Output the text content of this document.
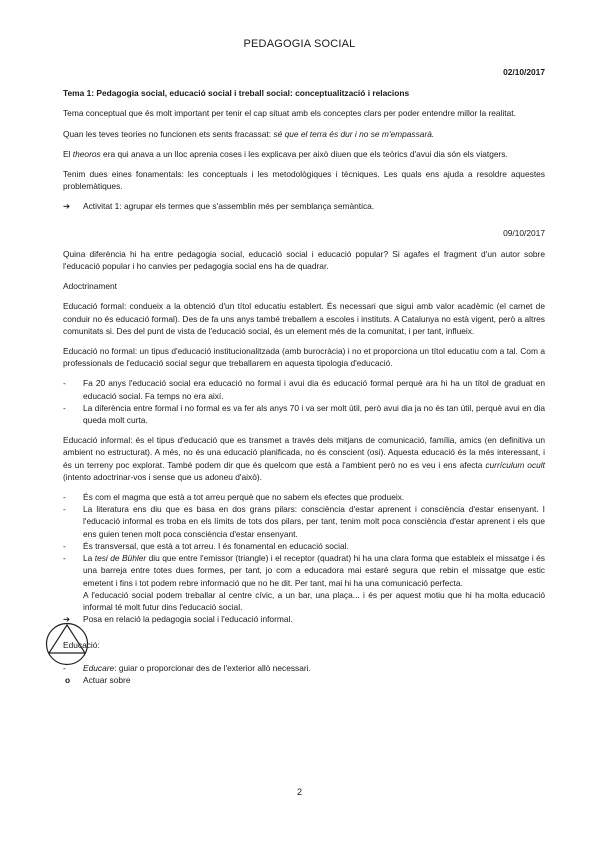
PEDAGOGIA SOCIAL
02/10/2017

Tema 1: Pedagogia social, educació social i treball social: conceptualització i relacions

Tema conceptual que és molt important per tenir el cap situat amb els conceptes clars per poder entendre millor la realitat.

Quan les teves teories no funcionen ets sents fracassat: sé que el terra és dur i no se m'empassarà.

El theoros era qui anava a un lloc aprenia coses i les explicava per això diuen que els teòrics d'avui dia són els viatgers.

Tenim dues eines fonamentals: les conceptuals i les metodològiques i tècniques. Les quals ens ajuda a resoldre aquestes problemàtiques.

➔ Activitat 1: agrupar els termes que s'assemblin més per semblança semàntica.
09/10/2017

Quina diferència hi ha entre pedagogia social, educació social i educació popular? Si agafes el fragment d'un autor sobre l'educació popular i ho canvies per pedagogia social ens ha de quadrar.

Adoctrinament

Educació formal: condueix a la obtenció d'un títol educatiu establert. És necessari que sigui amb valor acadèmic (el carnet de conduir no és educació formal). Des de fa uns anys també treballem a escoles i instituts. A Catalunya no està vigent, però a altres comunitats si. Des del punt de vista de l'educació social, és un element més de la comunitat, i per tant, influeix.

Educació no formal: un tipus d'educació institucionalitzada (amb burocràcia) i no et proporciona un títol educatiu com a tal. Com a professionals de l'educació social segur que treballarem en aquesta tipologia d'educació.

- Fa 20 anys l'educació social era educació no formal i avui dia és educació formal perquè ara hi ha un títol de graduat en educació social. Fa temps no era així.
- La diferència entre formal i no formal es va fer als anys 70 i va ser molt útil, però avui dia ja no és tan útil, perquè avui en dia queda molt curta.

Educació informal: és el tipus d'educació que es transmet a través dels mitjans de comunicació, família, amics (en definitiva un ambient no estructurat). A més, no és una educació planificada, no és conscient (osi). Aquesta educació és la més interessant, i és un terreny poc explorat. També podem dir que és quelcom que està a l'ambient però no es veu i ens afecta currículum ocult (intento adoctrinar-vos i sense que us adoneu d'això).

- És com el magma que està a tot arreu perquè que no sabem els efectes que produeix.
- La literatura ens diu que es basa en dos grans pilars: consciència d'estar aprenent i consciència d'estar ensenyant. I l'educació informal es troba en els límits de tots dos pilars, per tant, tenim molt poca consciència d'estar aprenent i els que ens guien tenen molt poca consciència d'estar ensenyant.
- És transversal, que està a tot arreu. I és fonamental en educació social.
- La tesi de Bühler diu que entre l'emissor (triangle) i el receptor (quadrat) hi ha una clara forma que estableix el missatge i és una barreja entre totes dues formes, per tant, jo com a educadora mai estaré segura que rebin el missatge que estic emetent i fins i tot podem rebre informació que no he dit. Per tant, mai hi ha una comunicació perfecta.
A l'educació social podem treballar al centre cívic, a un bar, una plaça... i és per aquest motiu que hi ha molta educació informal té molt futur dins l'educació social.
➔ Posa en relació la pedagogia social i l'educació informal.

Educació:

- Educare: guiar o proporcionar des de l'exterior allò necessari.
o Actuar sobre
2
